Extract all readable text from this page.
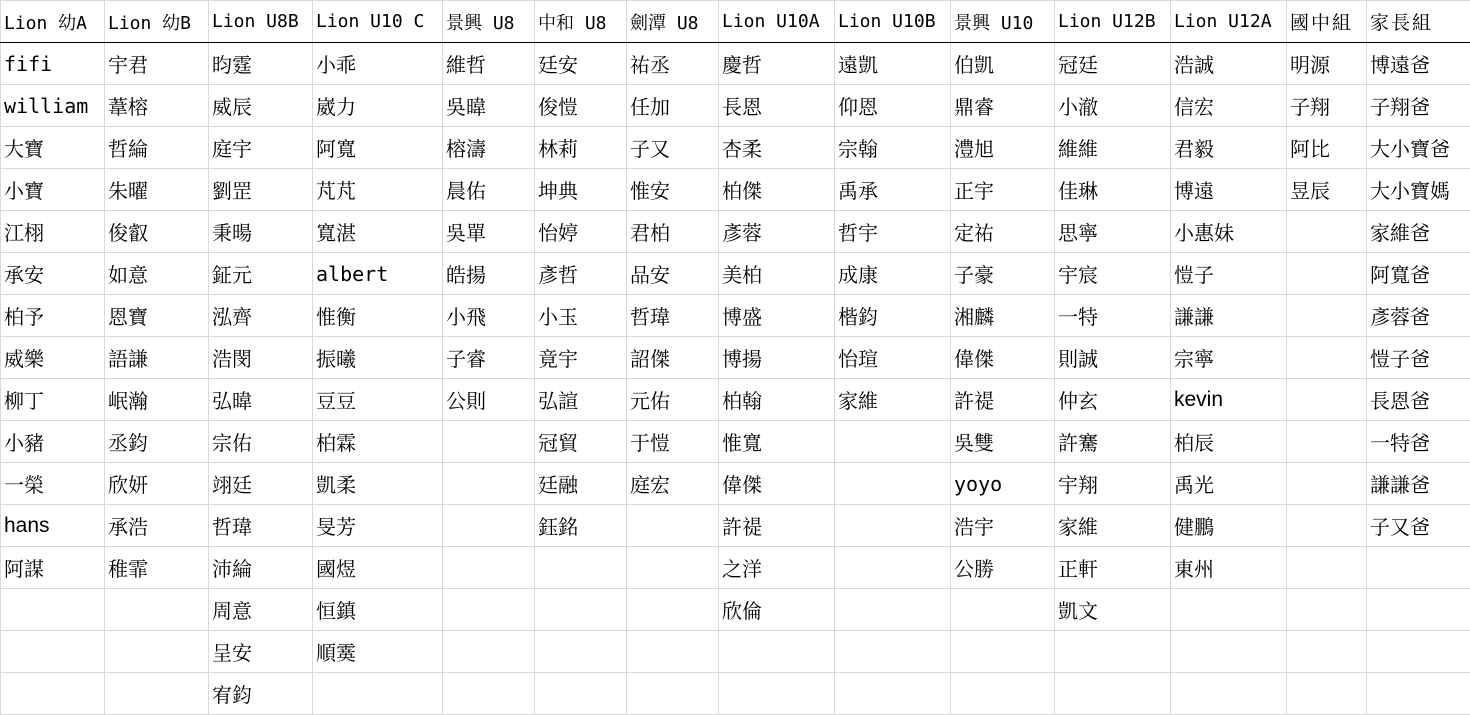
Lion 幼A	Lion 幼B	Lion U8B	Lion U10 C	景興 U8	中和 U8	劍潭 U8	Lion U10A	Lion U10B	景興 U10	Lion U12B	Lion U12A	國中組	家長組
fifi	宇君	昀霆	小乖	維哲	廷安	祐丞	慶哲	遠凱	伯凱	冠廷	浩誠	明源	博遠爸
william	葦榕	威辰	崴力	吳暐	俊愷	任加	長恩	仰恩	鼎睿	小澈	信宏	子翔	子翔爸
大寶	哲綸	庭宇	阿寬	榕濤	林莉	子又	杏柔	宗翰	澧旭	維維	君毅	阿比	大小寶爸
小寶	朱曜	劉罡	芃芃	晨佑	坤典	惟安	柏傑	禹承	正宇	佳琳	博遠	昱辰	大小寶媽
江栩	俊叡	秉暘	寬湛	吳單	怡婷	君柏	彥蓉	哲宇	定祐	思寧	小惠妹		家維爸
承安	如意	鉦元	albert	皓揚	彥哲	品安	美柏	成康	子豪	宇宸	愷子		阿寬爸
柏予	恩寶	泓齊	惟衡	小飛	小玉	哲瑋	博盛	楷鈞	湘麟	一特	謙謙		彥蓉爸
威樂	語謙	浩閔	振曦	子睿	竟宇	詔傑	博揚	怡瑄	偉傑	則誠	宗寧		愷子爸
柳丁	岷瀚	弘暐	豆豆	公則	弘諠	元佑	柏翰	家維	許禔	仲玄	kevin		長恩爸
小豬	丞鈞	宗佑	柏霖		冠貿	于愷	惟寬		吳雙	許騫	柏辰		一特爸
一榮	欣妍	翊廷	凱柔		廷融	庭宏	偉傑		yoyo	宇翔	禹光		謙謙爸
hans	承浩	哲瑋	旻芳		鈺銘		許禔		浩宇	家維	健鵬		子又爸
阿謀	稚霏	沛綸	國煜				之洋		公勝	正軒	東州		
		周意	恒鎮				欣倫			凱文			
		呈安	順霙										
		宥鈞											
